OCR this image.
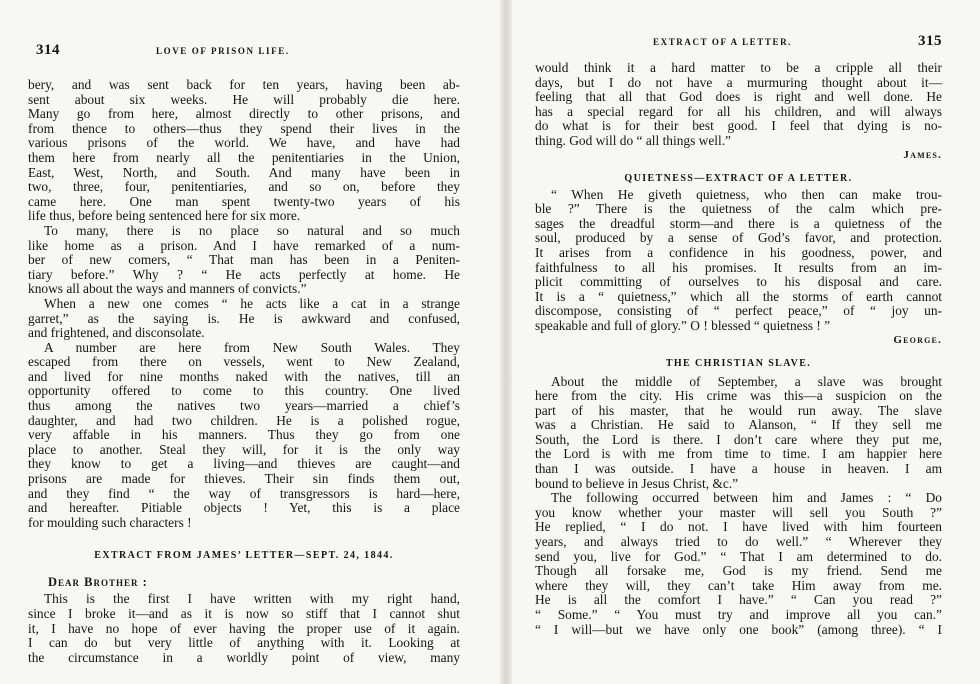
314	LOVE OF PRISON LIFE.
bery, and was sent back for ten years, having been ab-
sent about six weeks. He will probably die here.
Many go from here, almost directly to other prisons, and
from thence to others—thus they spend their lives in the
various prisons of the world. We have, and have had
them here from nearly all the penitentiaries in the Union,
East, West, North, and South. And many have been in
two, three, four, penitentiaries, and so on, before they
came here. One man spent twenty-two years of his
life thus, before being sentenced here for six more.
To many, there is no place so natural and so much
like home as a prison. And I have remarked of a num-
ber of new comers, “ That man has been in a Peniten-
tiary before.” Why ? “ He acts perfectly at home. He
knows all about the ways and manners of convicts.”
When a new one comes “ he acts like a cat in a strange
garret,” as the saying is. He is awkward and confused,
and frightened, and disconsolate.
A number are here from New South Wales. They
escaped from there on vessels, went to New Zealand,
and lived for nine months naked with the natives, till an
opportunity offered to come to this country. One lived
thus among the natives two years—married a chief’s
daughter, and had two children. He is a polished rogue,
very affable in his manners. Thus they go from one
place to another. Steal they will, for it is the only way
they know to get a living—and thieves are caught—and
prisons are made for thieves. Their sin finds them out,
and they find “ the way of transgressors is hard—here,
and hereafter. Pitiable objects ! Yet, this is a place
for moulding such characters !
EXTRACT FROM JAMES’ LETTER—SEPT. 24, 1844.
Dear Brother :
This is the first I have written with my right hand,
since I broke it—and as it is now so stiff that I cannot shut
it, I have no hope of ever having the proper use of it again.
I can do but very little of anything with it. Looking at
the circumstance in a worldly point of view, many
EXTRACT OF A LETTER.	315
would think it a hard matter to be a cripple all their
days, but I do not have a murmuring thought about it—
feeling that all that God does is right and well done. He
has a special regard for all his children, and will always
do what is for their best good. I feel that dying is no-
thing. God will do “ all things well.”
James.
QUIETNESS—EXTRACT OF A LETTER.
“ When He giveth quietness, who then can make trou-
ble ?” There is the quietness of the calm which pre-
sages the dreadful storm—and there is a quietness of the
soul, produced by a sense of God’s favor, and protection.
It arises from a confidence in his goodness, power, and
faithfulness to all his promises. It results from an im-
plicit committing of ourselves to his disposal and care.
It is a “ quietness,” which all the storms of earth cannot
discompose, consisting of “ perfect peace,” of “ joy un-
speakable and full of glory.” O ! blessed “ quietness ! ”
George.
THE CHRISTIAN SLAVE.
About the middle of September, a slave was brought
here from the city. His crime was this—a suspicion on the
part of his master, that he would run away. The slave
was a Christian. He said to Alanson, “ If they sell me
South, the Lord is there. I don’t care where they put me,
the Lord is with me from time to time. I am happier here
than I was outside. I have a house in heaven. I am
bound to believe in Jesus Christ, &c.”
The following occurred between him and James : “ Do
you know whether your master will sell you South ?”
He replied, “ I do not. I have lived with him fourteen
years, and always tried to do well.” “ Wherever they
send you, live for God.” “ That I am determined to do.
Though all forsake me, God is my friend. Send me
where they will, they can’t take Him away from me.
He is all the comfort I have.” “ Can you read ?”
“ Some.” “ You must try and improve all you can.”
“ I will—but we have only one book” (among three). “ I
